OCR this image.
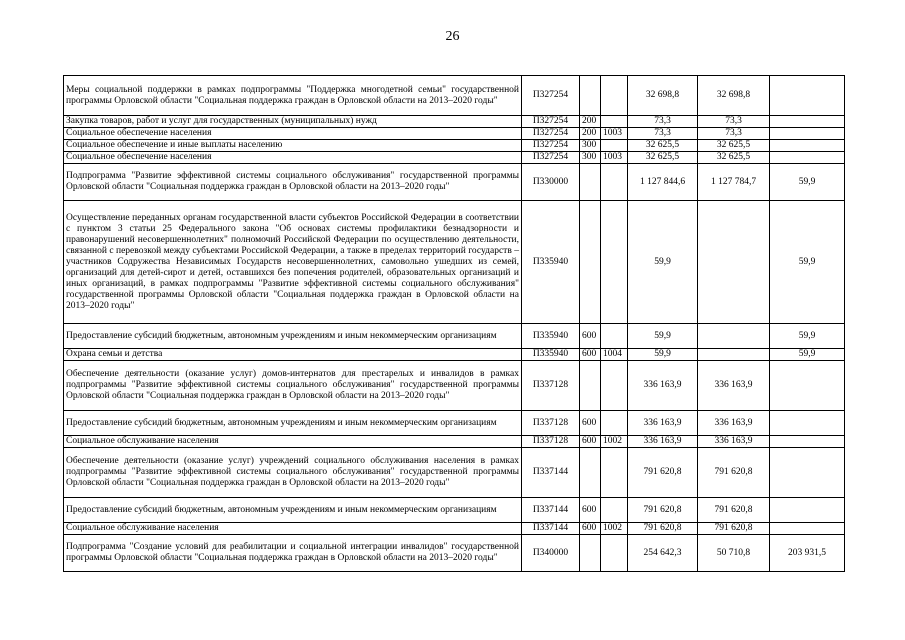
26
Меры социальной поддержки в рамках подпрограммы "Поддержка многодетной семьи" государственной программы Орловской области "Социальная поддержка граждан в Орловской области на 2013–2020 годы"	П327254			32 698,8	32 698,8	
Закупка товаров, работ и услуг для государственных (муниципальных) нужд	П327254	200		73,3	73,3	
Социальное обеспечение населения	П327254	200	1003	73,3	73,3	
Социальное обеспечение и иные выплаты населению	П327254	300		32 625,5	32 625,5	
Социальное обеспечение населения	П327254	300	1003	32 625,5	32 625,5	
Подпрограмма "Развитие эффективной системы социального обслуживания" государственной программы Орловской области "Социальная поддержка граждан в Орловской области на 2013–2020 годы"	П330000			1 127 844,6	1 127 784,7	59,9
Осуществление переданных органам государственной власти субъектов Российской Федерации в соответствии с пунктом 3 статьи 25 Федерального закона "Об основах системы профилактики безнадзорности и правонарушений несовершеннолетних" полномочий Российской Федерации по осуществлению деятельности, связанной с перевозкой между субъектами Российской Федерации, а также в пределах территорий государств – участников Содружества Независимых Государств несовершеннолетних, самовольно ушедших из семей, организаций для детей-сирот и детей, оставшихся без попечения родителей, образовательных организаций и иных организаций, в рамках подпрограммы "Развитие эффективной системы социального обслуживания" государственной программы Орловской области "Социальная поддержка граждан в Орловской области на 2013–2020 годы"	П335940			59,9		59,9
Предоставление субсидий бюджетным, автономным учреждениям и иным некоммерческим организациям	П335940	600		59,9		59,9
Охрана семьи и детства	П335940	600	1004	59,9		59,9
Обеспечение деятельности (оказание услуг) домов-интернатов для престарелых и инвалидов в рамках подпрограммы "Развитие эффективной системы социального обслуживания" государственной программы Орловской области "Социальная поддержка граждан в Орловской области на 2013–2020 годы"	П337128			336 163,9	336 163,9	
Предоставление субсидий бюджетным, автономным учреждениям и иным некоммерческим организациям	П337128	600		336 163,9	336 163,9	
Социальное обслуживание населения	П337128	600	1002	336 163,9	336 163,9	
Обеспечение деятельности (оказание услуг) учреждений социального обслуживания населения в рамках подпрограммы "Развитие эффективной системы социального обслуживания" государственной программы Орловской области "Социальная поддержка граждан в Орловской области на 2013–2020 годы"	П337144			791 620,8	791 620,8	
Предоставление субсидий бюджетным, автономным учреждениям и иным некоммерческим организациям	П337144	600		791 620,8	791 620,8	
Социальное обслуживание населения	П337144	600	1002	791 620,8	791 620,8	
Подпрограмма "Создание условий для реабилитации и социальной интеграции инвалидов" государственной программы Орловской области "Социальная поддержка граждан в Орловской области на 2013–2020 годы"	П340000			254 642,3	50 710,8	203 931,5
